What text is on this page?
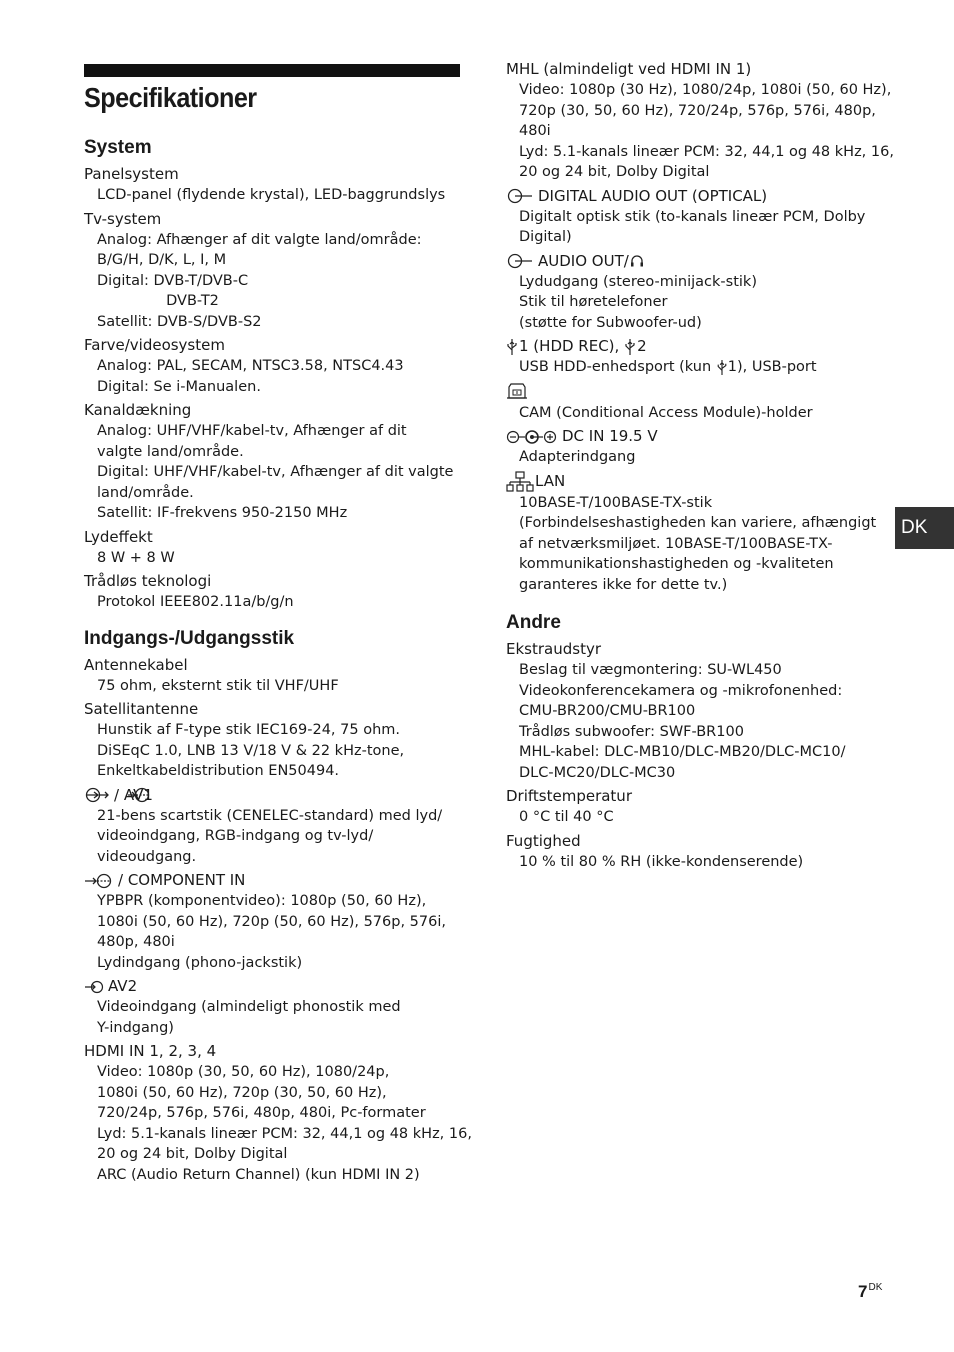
Specifikationer
System
Panelsystem
LCD-panel (flydende krystal), LED-baggrundslys
Tv-system
Analog: Afhænger af dit valgte land/område:
B/G/H, D/K, L, I, M
Digital: DVB-T/DVB-C
DVB-T2
Satellit: DVB-S/DVB-S2
Farve/videosystem
Analog: PAL, SECAM, NTSC3.58, NTSC4.43
Digital: Se i-Manualen.
Kanaldækning
Analog: UHF/VHF/kabel-tv, Afhænger af dit
valgte land/område.
Digital: UHF/VHF/kabel-tv, Afhænger af dit valgte
land/område.
Satellit: IF-frekvens 950-2150 MHz
Lydeffekt
8 W + 8 W
Trådløs teknologi
Protokol IEEE802.11a/b/g/n
Indgangs-/Udgangsstik
Antennekabel
75 ohm, eksternt stik til VHF/UHF
Satellitantenne
Hunstik af F-type stik IEC169-24, 75 ohm.
DiSEqC 1.0, LNB 13 V/18 V & 22 kHz-tone,
Enkeltkabeldistribution EN50494.
/ AV1
21-bens scartstik (CENELEC-standard) med lyd/
videoindgang, RGB-indgang og tv-lyd/
videoudgang.
/ COMPONENT IN
YPBPR (komponentvideo): 1080p (50, 60 Hz),
1080i (50, 60 Hz), 720p (50, 60 Hz), 576p, 576i,
480p, 480i
Lydindgang (phono-jackstik)
AV2
Videoindgang (almindeligt phonostik med
Y-indgang)
HDMI IN 1, 2, 3, 4
Video: 1080p (30, 50, 60 Hz), 1080/24p,
1080i (50, 60 Hz), 720p (30, 50, 60 Hz),
720/24p, 576p, 576i, 480p, 480i, Pc-formater
Lyd: 5.1-kanals lineær PCM: 32, 44,1 og 48 kHz, 16,
20 og 24 bit, Dolby Digital
ARC (Audio Return Channel) (kun HDMI IN 2)
MHL (almindeligt ved HDMI IN 1)
Video: 1080p (30 Hz), 1080/24p, 1080i (50, 60 Hz),
720p (30, 50, 60 Hz), 720/24p, 576p, 576i, 480p,
480i
Lyd: 5.1-kanals lineær PCM: 32, 44,1 og 48 kHz, 16,
20 og 24 bit, Dolby Digital
DIGITAL AUDIO OUT (OPTICAL)
Digitalt optisk stik (to-kanals lineær PCM, Dolby
Digital)
AUDIO OUT/
Lydudgang (stereo-minijack-stik)
Stik til høretelefoner
(støtte for Subwoofer-ud)
1 (HDD REC), 2
USB HDD-enhedsport (kun 1), USB-port
CAM (Conditional Access Module)-holder
DC IN 19.5 V
Adapterindgang
LAN
10BASE-T/100BASE-TX-stik
(Forbindelseshastigheden kan variere, afhængigt
af netværksmiljøet. 10BASE-T/100BASE-TX-
kommunikationshastigheden og -kvaliteten
garanteres ikke for dette tv.)
Andre
Ekstraudstyr
Beslag til vægmontering: SU-WL450
Videokonferencekamera og -mikrofonenhed:
CMU-BR200/CMU-BR100
Trådløs subwoofer: SWF-BR100
MHL-kabel: DLC-MB10/DLC-MB20/DLC-MC10/
DLC-MC20/DLC-MC30
Driftstemperatur
0 °C til 40 °C
Fugtighed
10 % til 80 % RH (ikke-kondenserende)
DK
$7^{DK}$
